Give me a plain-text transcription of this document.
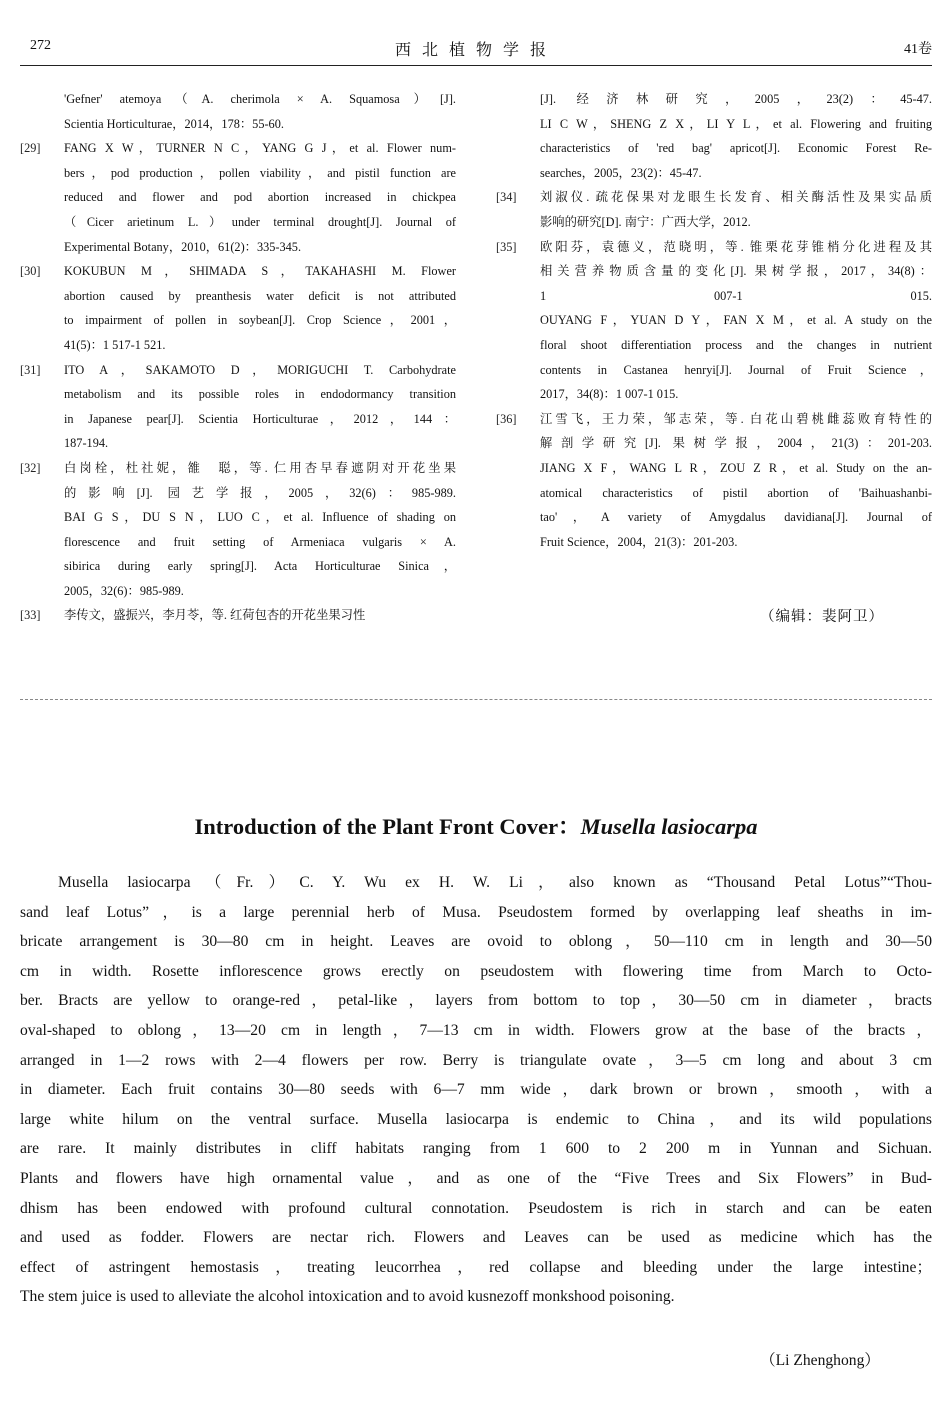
272	西北植物学报	41卷
'Gefner' atemoya（A. cherimola × A. Squamosa）[J].
Scientia Horticulturae，2014，178：55-60.
[29] FANG X W，TURNER N C，YANG G J，et al. Flower num-
bers，pod production，pollen viability，and pistil function are
reduced and flower and pod abortion increased in chickpea
（Cicer arietinum L.）under terminal drought[J]. Journal of
Experimental Botany，2010，61(2)：335-345.
[30] KOKUBUN M，SHIMADA S，TAKAHASHI M. Flower
abortion caused by preanthesis water deficit is not attributed
to impairment of pollen in soybean[J]. Crop Science，2001，
41(5)：1 517-1 521.
[31] ITO A，SAKAMOTO D，MORIGUCHI T. Carbohydrate
metabolism and its possible roles in endodormancy transition
in Japanese pear[J]. Scientia Horticulturae，2012，144：
187-194.
[32] 白岗栓，杜社妮，雒　聪，等. 仁用杏早春遮阴对开花坐果
的影响[J]. 园艺学报，2005，32(6)：985-989.
BAI G S，DU S N，LUO C，et al. Influence of shading on
florescence and fruit setting of Armeniaca vulgaris × A.
sibirica during early spring[J]. Acta Horticulturae Sinica，
2005，32(6)：985-989.
[33] 李传文，盛振兴，李月苓，等. 红荷包杏的开花坐果习性
[J]. 经济林研究，2005，23(2)：45-47.
LI C W，SHENG Z X，LI Y L，et al. Flowering and fruiting
characteristics of 'red bag' apricot[J]. Economic Forest Re-
searches，2005，23(2)：45-47.
[34] 刘淑仪. 疏花保果对龙眼生长发育、相关酶活性及果实品质
影响的研究[D]. 南宁：广西大学，2012.
[35] 欧阳芬，袁德义，范晓明，等. 锥栗花芽锥梢分化进程及其
相关营养物质含量的变化[J]. 果树学报，2017，34(8)：
1 007-1 015.
OUYANG F，YUAN D Y，FAN X M，et al. A study on the
floral shoot differentiation process and the changes in nutrient
contents in Castanea henryi[J]. Journal of Fruit Science，
2017，34(8)：1 007-1 015.
[36] 江雪飞，王力荣，邹志荣，等. 白花山碧桃雌蕊败育特性的
解剖学研究[J]. 果树学报，2004，21(3)：201-203.
JIANG X F，WANG L R，ZOU Z R，et al. Study on the an-
atomical characteristics of pistil abortion of 'Baihuashanbi-
tao'，A variety of Amygdalus davidiana[J]. Journal of
Fruit Science，2004，21(3)：201-203.
（编辑：裴阿卫）
Introduction of the Plant Front Cover：Musella lasiocarpa
Musella lasiocarpa（Fr.）C. Y. Wu ex H. W. Li，also known as “Thousand Petal Lotus”“Thou-
sand leaf Lotus”，is a large perennial herb of Musa. Pseudostem formed by overlapping leaf sheaths in im-
bricate arrangement is 30—80 cm in height. Leaves are ovoid to oblong，50—110 cm in length and 30—50
cm in width. Rosette inflorescence grows erectly on pseudostem with flowering time from March to Octo-
ber. Bracts are yellow to orange-red，petal-like，layers from bottom to top，30—50 cm in diameter，bracts
oval-shaped to oblong，13—20 cm in length，7—13 cm in width. Flowers grow at the base of the bracts，
arranged in 1—2 rows with 2—4 flowers per row. Berry is triangulate ovate，3—5 cm long and about 3 cm
in diameter. Each fruit contains 30—80 seeds with 6—7 mm wide，dark brown or brown，smooth，with a
large white hilum on the ventral surface. Musella lasiocarpa is endemic to China，and its wild populations
are rare. It mainly distributes in cliff habitats ranging from 1 600 to 2 200 m in Yunnan and Sichuan.
Plants and flowers have high ornamental value，and as one of the “Five Trees and Six Flowers” in Bud-
dhism has been endowed with profound cultural connotation. Pseudostem is rich in starch and can be eaten
and used as fodder. Flowers are nectar rich. Flowers and Leaves can be used as medicine which has the
effect of astringent hemostasis，treating leucorrhea，red collapse and bleeding under the large intestine；
The stem juice is used to alleviate the alcohol intoxication and to avoid kusnezoff monkshood poisoning.
（Li Zhenghong）
